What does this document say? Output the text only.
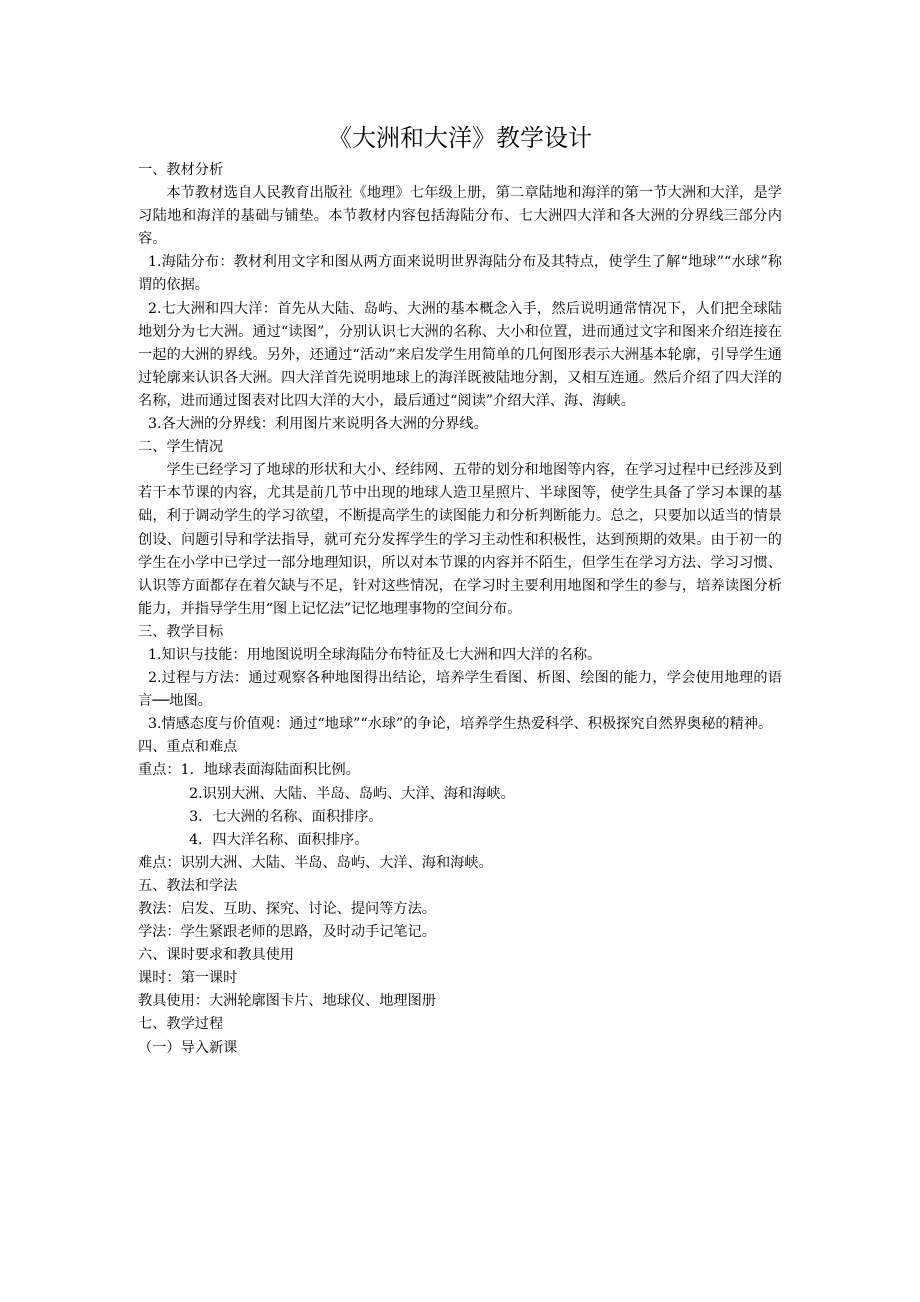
《大洲和大洋》教学设计

一、教材分析

本节教材选自人民教育出版社《地理》七年级上册，第二章陆地和海洋的第一节大洲和大洋，是学习陆地和海洋的基础与铺垫。本节教材内容包括海陆分布、七大洲四大洋和各大洲的分界线三部分内容。

1.海陆分布：教材利用文字和图从两方面来说明世界海陆分布及其特点，使学生了解“地球”“水球”称谓的依据。

2.七大洲和四大洋：首先从大陆、岛屿、大洲的基本概念入手，然后说明通常情况下，人们把全球陆地划分为七大洲。通过“读图”，分别认识七大洲的名称、大小和位置，进而通过文字和图来介绍连接在一起的大洲的界线。另外，还通过“活动”来启发学生用简单的几何图形表示大洲基本轮廓，引导学生通过轮廓来认识各大洲。四大洋首先说明地球上的海洋既被陆地分割，又相互连通。然后介绍了四大洋的名称，进而通过图表对比四大洋的大小，最后通过“阅读”介绍大洋、海、海峡。

3.各大洲的分界线：利用图片来说明各大洲的分界线。

二、学生情况

学生已经学习了地球的形状和大小、经纬网、五带的划分和地图等内容，在学习过程中已经涉及到若干本节课的内容，尤其是前几节中出现的地球人造卫星照片、半球图等，使学生具备了学习本课的基础，利于调动学生的学习欲望，不断提高学生的读图能力和分析判断能力。总之，只要加以适当的情景创设、问题引导和学法指导，就可充分发挥学生的学习主动性和积极性，达到预期的效果。由于初一的学生在小学中已学过一部分地理知识，所以对本节课的内容并不陌生，但学生在学习方法、学习习惯、认识等方面都存在着欠缺与不足，针对这些情况，在学习时主要利用地图和学生的参与，培养读图分析能力，并指导学生用“图上记忆法”记忆地理事物的空间分布。

三、教学目标

1.知识与技能：用地图说明全球海陆分布特征及七大洲和四大洋的名称。

2.过程与方法：通过观察各种地图得出结论，培养学生看图、析图、绘图的能力，学会使用地理的语言──地图。

3.情感态度与价值观：通过“地球”“水球”的争论，培养学生热爱科学、积极探究自然界奥秘的精神。

四、重点和难点

重点：1．地球表面海陆面积比例。

2.识别大洲、大陆、半岛、岛屿、大洋、海和海峡。

3．七大洲的名称、面积排序。

4．四大洋名称、面积排序。

难点：识别大洲、大陆、半岛、岛屿、大洋、海和海峡。

五、教法和学法

教法：启发、互助、探究、讨论、提问等方法。

学法：学生紧跟老师的思路，及时动手记笔记。

六、课时要求和教具使用

课时：第一课时

教具使用：大洲轮廓图卡片、地球仪、地理图册

七、教学过程

（一）导入新课
